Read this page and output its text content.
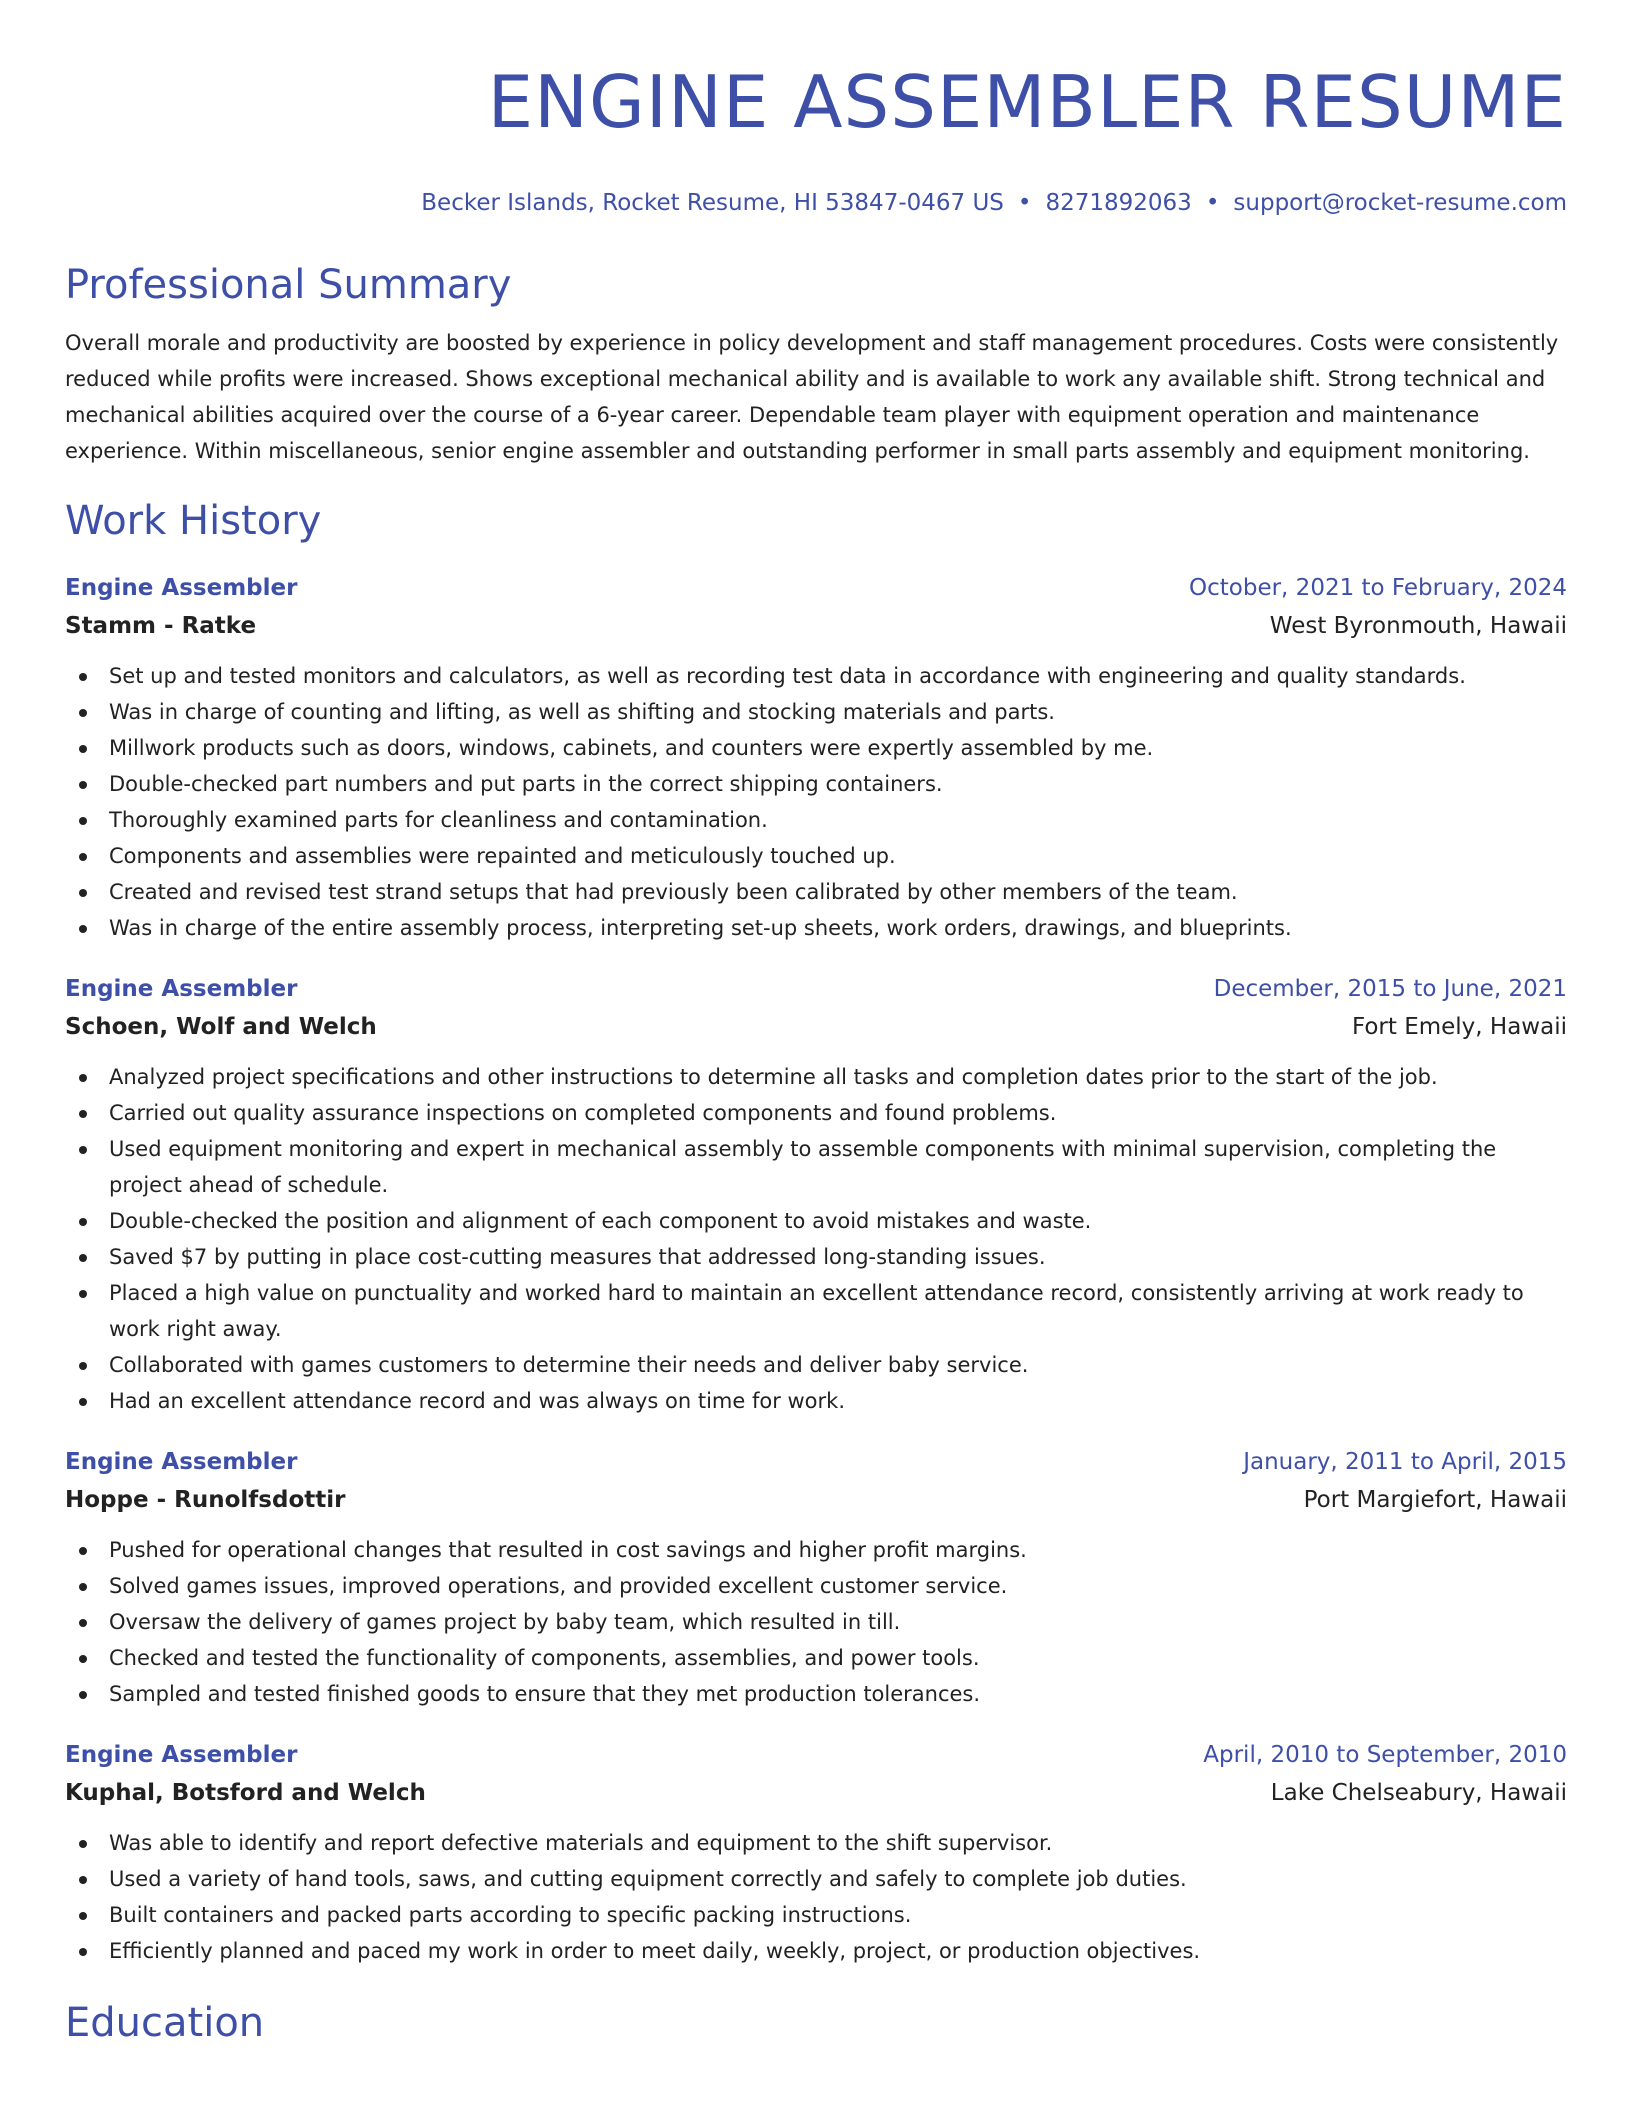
ENGINE ASSEMBLER RESUME
Becker Islands, Rocket Resume, HI 53847-0467 US • 8271892063 • support@rocket-resume.com
Professional Summary

Overall morale and productivity are boosted by experience in policy development and staff management procedures. Costs were consistently reduced while profits were increased. Shows exceptional mechanical ability and is available to work any available shift. Strong technical and mechanical abilities acquired over the course of a 6-year career. Dependable team player with equipment operation and maintenance experience. Within miscellaneous, senior engine assembler and outstanding performer in small parts assembly and equipment monitoring.

Work History
Engine Assembler	October, 2021 to February, 2024
Stamm - Ratke	West Byronmouth, Hawaii
Set up and tested monitors and calculators, as well as recording test data in accordance with engineering and quality standards.
Was in charge of counting and lifting, as well as shifting and stocking materials and parts.
Millwork products such as doors, windows, cabinets, and counters were expertly assembled by me.
Double-checked part numbers and put parts in the correct shipping containers.
Thoroughly examined parts for cleanliness and contamination.
Components and assemblies were repainted and meticulously touched up.
Created and revised test strand setups that had previously been calibrated by other members of the team.
Was in charge of the entire assembly process, interpreting set-up sheets, work orders, drawings, and blueprints.
Engine Assembler	December, 2015 to June, 2021
Schoen, Wolf and Welch	Fort Emely, Hawaii
Analyzed project specifications and other instructions to determine all tasks and completion dates prior to the start of the job.
Carried out quality assurance inspections on completed components and found problems.
Used equipment monitoring and expert in mechanical assembly to assemble components with minimal supervision, completing the project ahead of schedule.
Double-checked the position and alignment of each component to avoid mistakes and waste.
Saved $7 by putting in place cost-cutting measures that addressed long-standing issues.
Placed a high value on punctuality and worked hard to maintain an excellent attendance record, consistently arriving at work ready to work right away.
Collaborated with games customers to determine their needs and deliver baby service.
Had an excellent attendance record and was always on time for work.
Engine Assembler	January, 2011 to April, 2015
Hoppe - Runolfsdottir	Port Margiefort, Hawaii
Pushed for operational changes that resulted in cost savings and higher profit margins.
Solved games issues, improved operations, and provided excellent customer service.
Oversaw the delivery of games project by baby team, which resulted in till.
Checked and tested the functionality of components, assemblies, and power tools.
Sampled and tested finished goods to ensure that they met production tolerances.
Engine Assembler	April, 2010 to September, 2010
Kuphal, Botsford and Welch	Lake Chelseabury, Hawaii
Was able to identify and report defective materials and equipment to the shift supervisor.
Used a variety of hand tools, saws, and cutting equipment correctly and safely to complete job duties.
Built containers and packed parts according to specific packing instructions.
Efficiently planned and paced my work in order to meet daily, weekly, project, or production objectives.
Education
